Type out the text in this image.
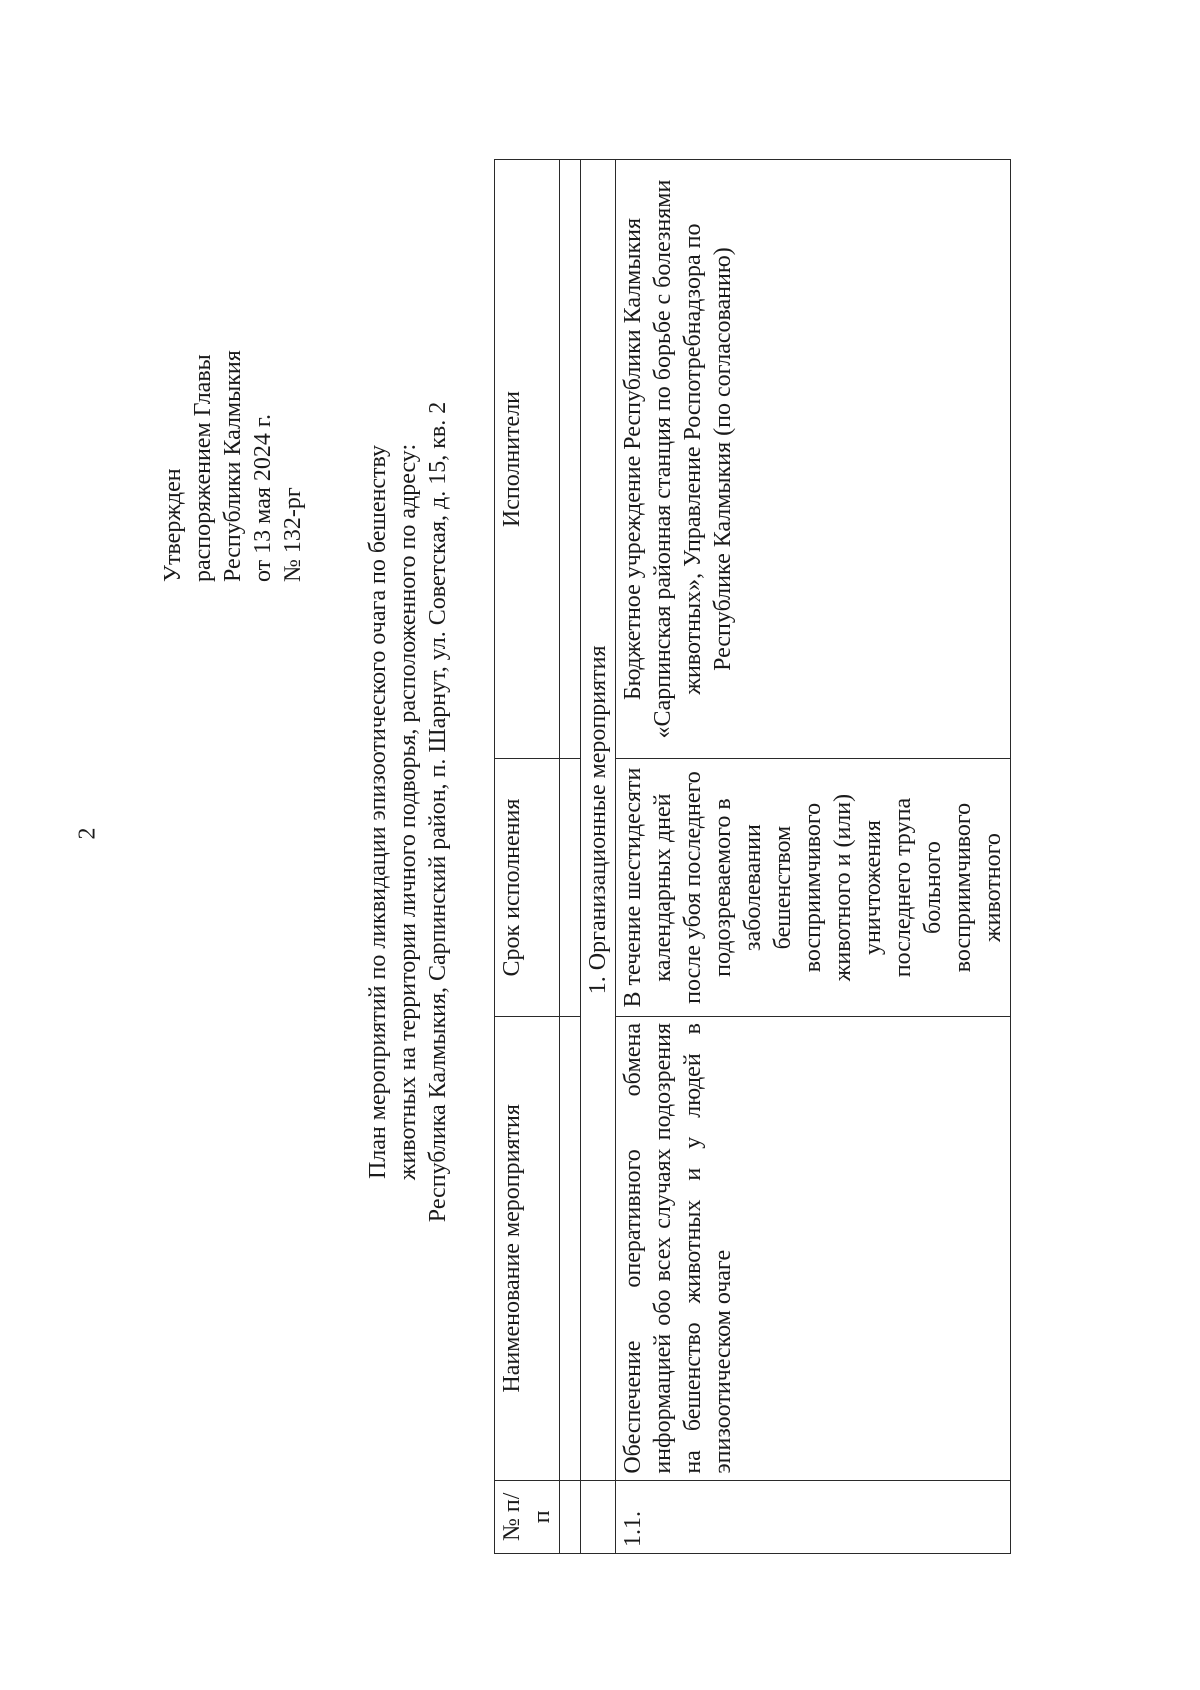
2
Утвержден распоряжением Главы Республики Калмыкия от 13 мая 2024 г. № 132-рг План мероприятий по ликвидации эпизоотического очага по бешенству животных на территории личного подворья, расположенного по адресу: Республика Калмыкия, Сарпинский район, п. Шарнут, ул. Советская, д. 15, кв. 2
№ п/п	Наименование мероприятия	Срок исполнения	Исполнители

	1. Организационные мероприятия		
1.1.	Обеспечение оперативного обмена информацией обо всех случаях подозрения на бешенство животных и у людей в эпизоотическом очаге	В течение шестидесяти календарных дней после убоя последнего подозреваемого в заболевании бешенством восприимчивого животного и (или) уничтожения последнего трупа больного восприимчивого животного	Бюджетное учреждение Республики Калмыкия «Сарпинская районная станция по борьбе с болезнями животных», Управление Роспотребнадзора по Республике Калмыкия (по согласованию)
